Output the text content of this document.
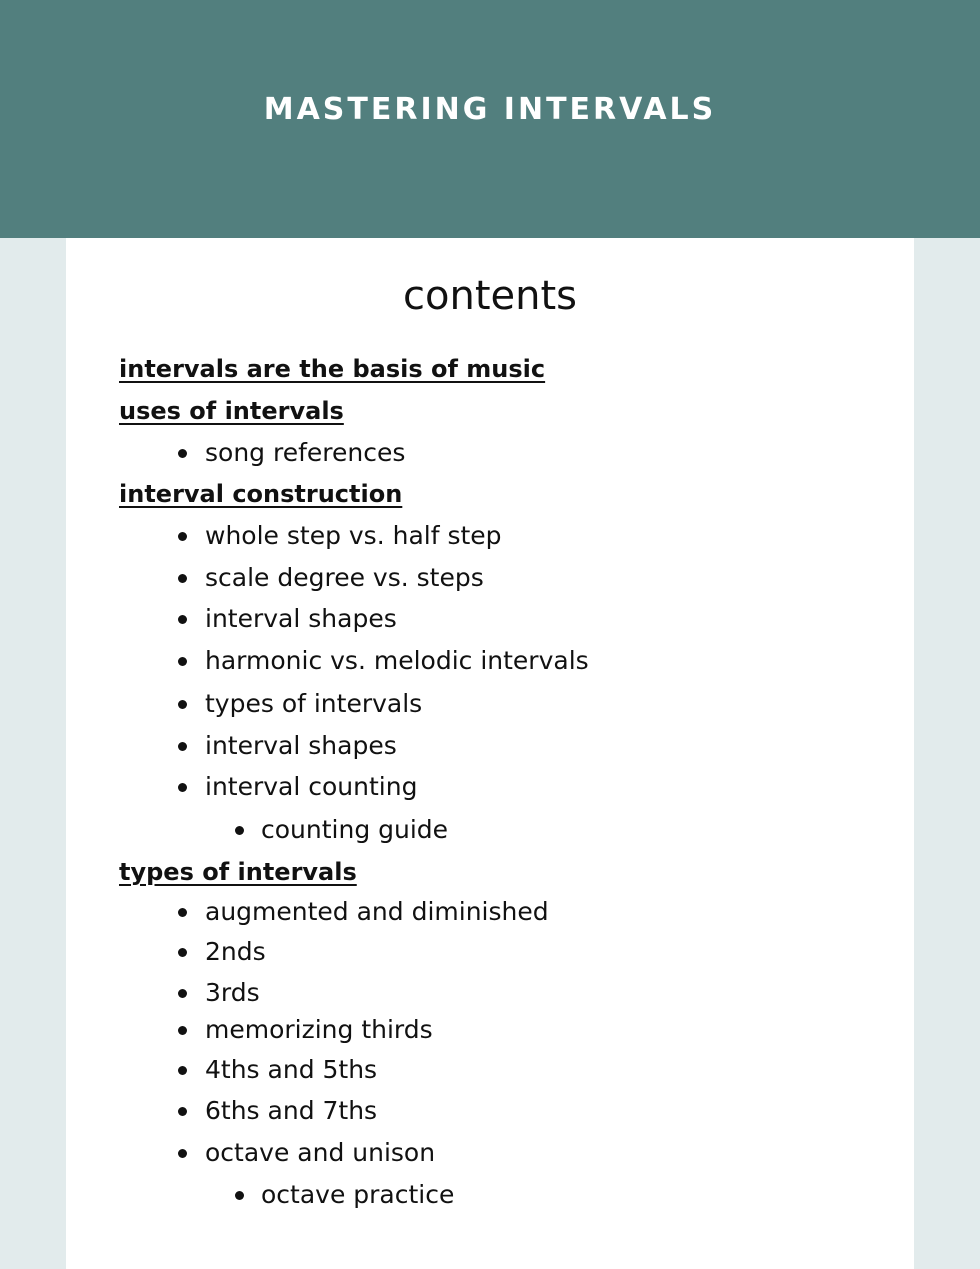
MASTERING INTERVALS
contents
intervals are the basis of music
uses of intervals
song references
interval construction
whole step vs. half step
scale degree vs. steps
interval shapes
harmonic vs. melodic intervals
types of intervals
interval shapes
interval counting
counting guide
types of intervals
augmented and diminished
2nds
3rds
memorizing thirds
4ths and 5ths
6ths and 7ths
octave and unison
octave practice
